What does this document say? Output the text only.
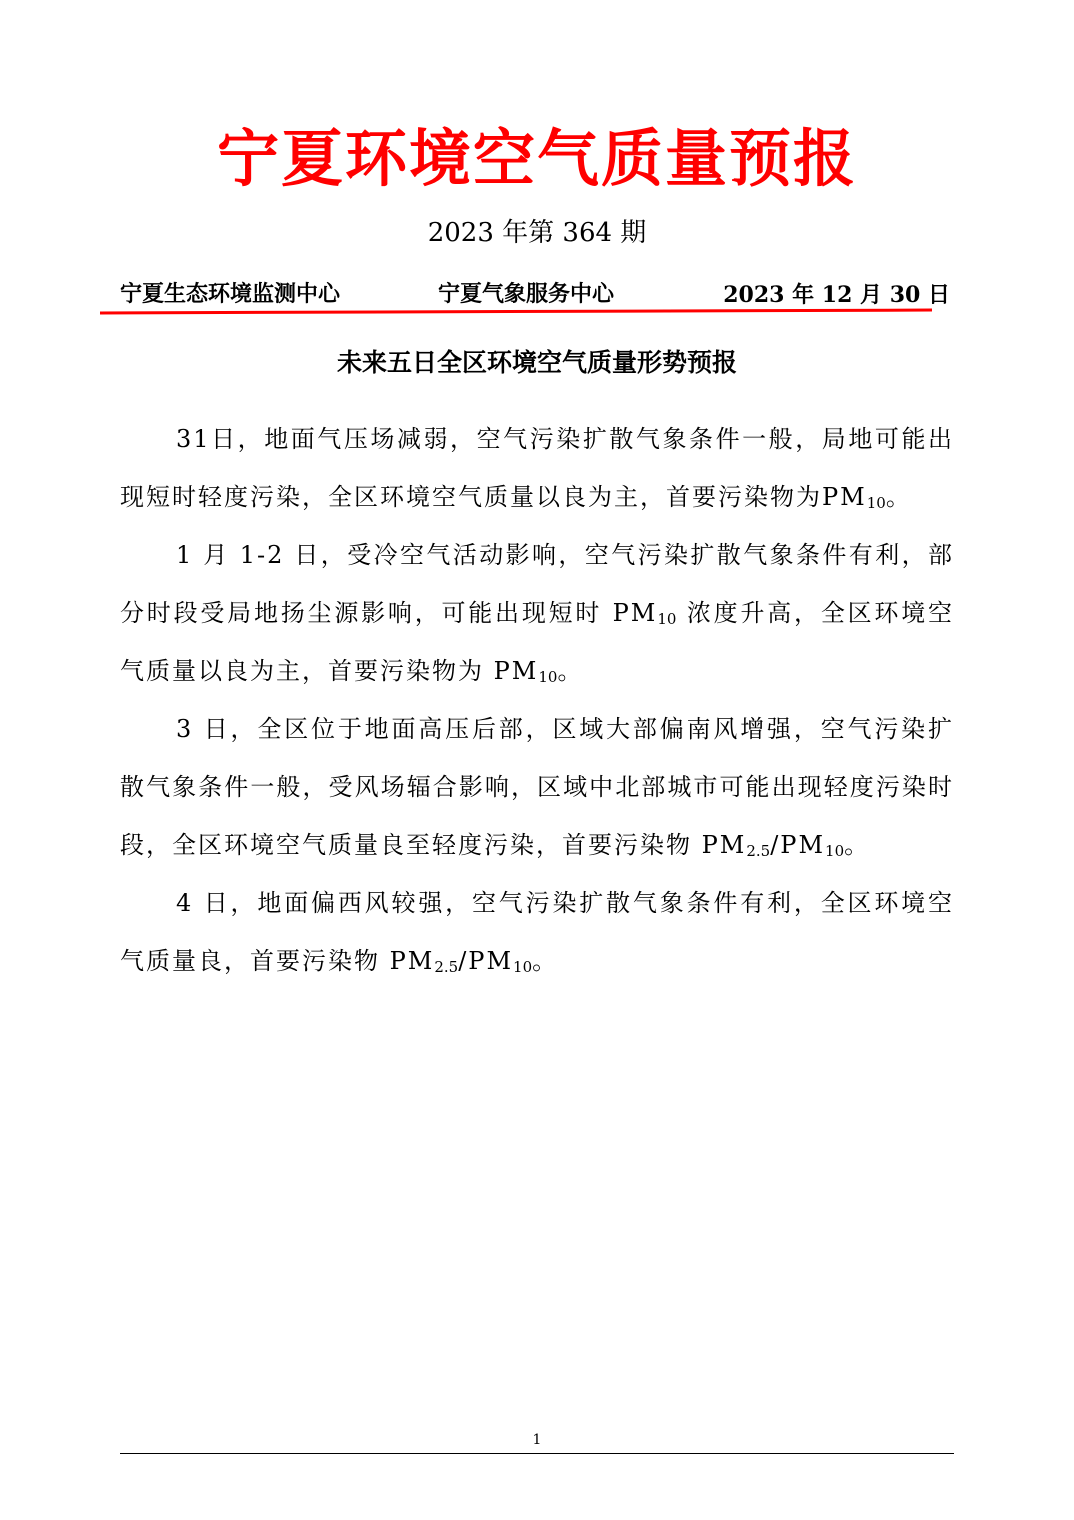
宁夏环境空气质量预报
2023 年第 364 期
宁夏生态环境监测中心	宁夏气象服务中心	2023 年 12 月 30 日
未来五日全区环境空气质量形势预报

31日，地面气压场减弱，空气污染扩散气象条件一般，局地可能出现短时轻度污染，全区环境空气质量以良为主，首要污染物为$PM_{10}$。

1 月 1-2 日，受冷空气活动影响，空气污染扩散气象条件有利，部分时段受局地扬尘源影响，可能出现短时 $PM_{10}$ 浓度升高，全区环境空气质量以良为主，首要污染物为 $PM_{10}$。

3 日，全区位于地面高压后部，区域大部偏南风增强，空气污染扩散气象条件一般，受风场辐合影响，区域中北部城市可能出现轻度污染时段，全区环境空气质量良至轻度污染，首要污染物 $PM_{2.5}/PM_{10}$。

4 日，地面偏西风较强，空气污染扩散气象条件有利，全区环境空气质量良，首要污染物 $PM_{2.5}/PM_{10}$。

1
